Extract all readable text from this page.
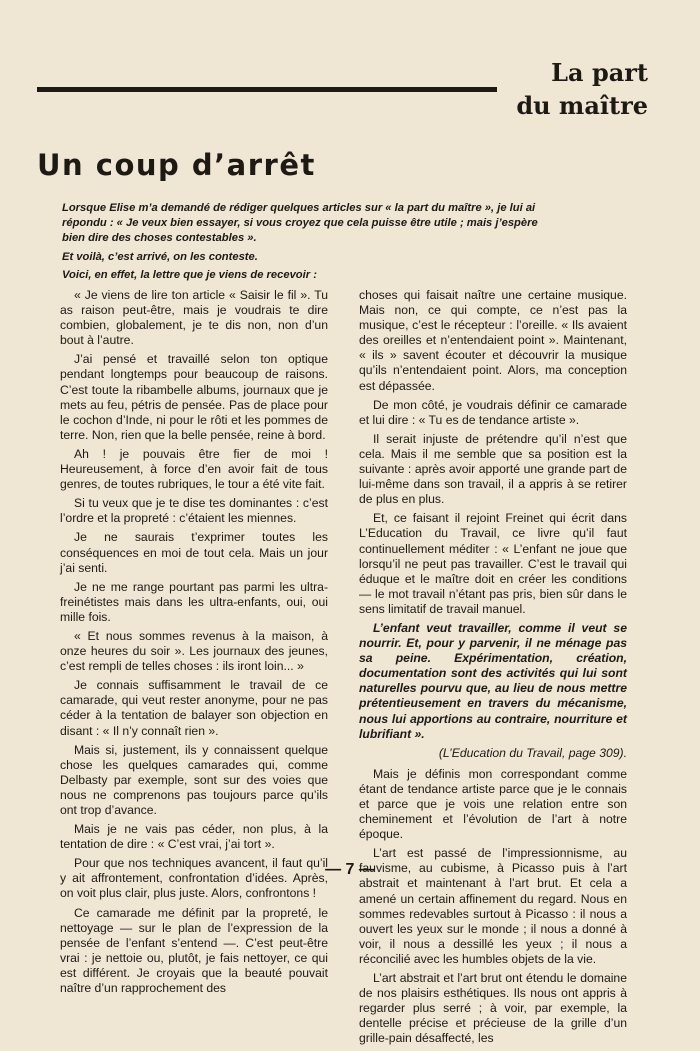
La part
du maître
Un coup d’arrêt

Lorsque Elise m’a demandé de rédiger quelques articles sur « la part du maître », je lui ai répondu : « Je veux bien essayer, si vous croyez que cela puisse être utile ; mais j’espère bien dire des choses contestables ».

Et voilà, c’est arrivé, on les conteste.

Voici, en effet, la lettre que je viens de recevoir :

« Je viens de lire ton article « Saisir le fil ». Tu as raison peut-être, mais je voudrais te dire combien, globalement, je te dis non, non d’un bout à l’autre.

J’ai pensé et travaillé selon ton optique pendant longtemps pour beaucoup de raisons. C’est toute la ribambelle albums, journaux que je mets au feu, pétris de pensée. Pas de place pour le cochon d’Inde, ni pour le rôti et les pommes de terre. Non, rien que la belle pensée, reine à bord.

Ah ! je pouvais être fier de moi ! Heureusement, à force d’en avoir fait de tous genres, de toutes rubriques, le tour a été vite fait.

Si tu veux que je te dise tes dominantes : c’est l’ordre et la propreté : c’étaient les miennes.

Je ne saurais t’exprimer toutes les conséquences en moi de tout cela. Mais un jour j’ai senti.

Je ne me range pourtant pas parmi les ultra-freinétistes mais dans les ultra-enfants, oui, oui mille fois.

« Et nous sommes revenus à la maison, à onze heures du soir ». Les journaux des jeunes, c’est rempli de telles choses : ils iront loin... »

Je connais suffisamment le travail de ce camarade, qui veut rester anonyme, pour ne pas céder à la tentation de balayer son objection en disant : « Il n’y connaît rien ».

Mais si, justement, ils y connaissent quelque chose les quelques camarades qui, comme Delbasty par exemple, sont sur des voies que nous ne comprenons pas toujours parce qu’ils ont trop d’avance.

Mais je ne vais pas céder, non plus, à la tentation de dire : « C’est vrai, j’ai tort ».

Pour que nos techniques avancent, il faut qu’il y ait affrontement, confrontation d’idées. Après, on voit plus clair, plus juste. Alors, confrontons !

Ce camarade me définit par la propreté, le nettoyage — sur le plan de l’expression de la pensée de l’enfant s’entend —. C’est peut-être vrai : je nettoie ou, plutôt, je fais nettoyer, ce qui est différent. Je croyais que la beauté pouvait naître d’un rapprochement des

choses qui faisait naître une certaine musique. Mais non, ce qui compte, ce n’est pas la musique, c’est le récepteur : l’oreille. « Ils avaient des oreilles et n’entendaient point ». Maintenant, « ils » savent écouter et découvrir la musique qu’ils n’entendaient point. Alors, ma conception est dépassée.

De mon côté, je voudrais définir ce camarade et lui dire : « Tu es de tendance artiste ».

Il serait injuste de prétendre qu’il n’est que cela. Mais il me semble que sa position est la suivante : après avoir apporté une grande part de lui-même dans son travail, il a appris à se retirer de plus en plus.

Et, ce faisant il rejoint Freinet qui écrit dans L’Education du Travail, ce livre qu’il faut continuellement méditer : « L’enfant ne joue que lorsqu’il ne peut pas travailler. C’est le travail qui éduque et le maître doit en créer les conditions — le mot travail n’étant pas pris, bien sûr dans le sens limitatif de travail manuel.

L’enfant veut travailler, comme il veut se nourrir. Et, pour y parvenir, il ne ménage pas sa peine. Expérimentation, création, documentation sont des activités qui lui sont naturelles pourvu que, au lieu de nous mettre prétentieusement en travers du mécanisme, nous lui apportions au contraire, nourriture et lubrifiant ».

(L’Education du Travail, page 309).

Mais je définis mon correspondant comme étant de tendance artiste parce que je le connais et parce que je vois une relation entre son cheminement et l’évolution de l’art à notre époque.

L’art est passé de l’impressionnisme, au fauvisme, au cubisme, à Picasso puis à l’art abstrait et maintenant à l’art brut. Et cela a amené un certain affinement du regard. Nous en sommes redevables surtout à Picasso : il nous a ouvert les yeux sur le monde ; il nous a donné à voir, il nous a dessillé les yeux ; il nous a réconcilié avec les humbles objets de la vie.

L’art abstrait et l’art brut ont étendu le domaine de nos plaisirs esthétiques. Ils nous ont appris à regarder plus serré ; à voir, par exemple, la dentelle précise et précieuse de la grille d’un grille-pain désaffecté, les

— 7 —
